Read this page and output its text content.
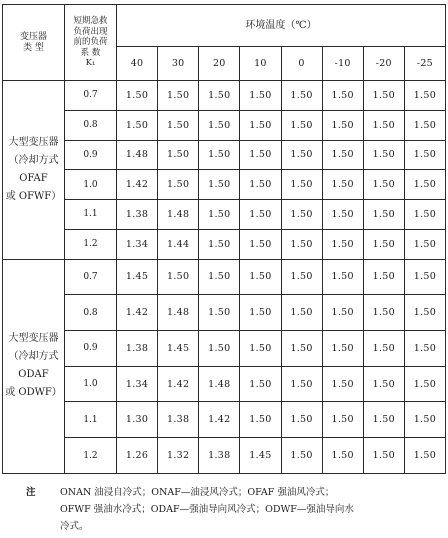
变压器
类 型	短期急救
负荷出现
前的负荷
系 数
K₁	环境温度（℃）							
		40	30	20	10	0	-10	-20	-25
大型变压器
（冷却方式
OFAF
或 OFWF）	0.7	1.50	1.50	1.50	1.50	1.50	1.50	1.50	1.50
	0.8	1.50	1.50	1.50	1.50	1.50	1.50	1.50	1.50
	0.9	1.48	1.50	1.50	1.50	1.50	1.50	1.50	1.50
	1.0	1.42	1.50	1.50	1.50	1.50	1.50	1.50	1.50
	1.1	1.38	1.48	1.50	1.50	1.50	1.50	1.50	1.50
	1.2	1.34	1.44	1.50	1.50	1.50	1.50	1.50	1.50
大型变压器
（冷却方式
ODAF
或 ODWF）	0.7	1.45	1.50	1.50	1.50	1.50	1.50	1.50	1.50
	0.8	1.42	1.48	1.50	1.50	1.50	1.50	1.50	1.50
	0.9	1.38	1.45	1.50	1.50	1.50	1.50	1.50	1.50
	1.0	1.34	1.42	1.48	1.50	1.50	1.50	1.50	1.50
	1.1	1.30	1.38	1.42	1.50	1.50	1.50	1.50	1.50
	1.2	1.26	1.32	1.38	1.45	1.50	1.50	1.50	1.50
注	ONAN 油浸自冷式；ONAF—油浸风冷式；OFAF 强油风冷式；
OFWF 强油水冷式；ODAF—强油导向风冷式；ODWF—强油导向水
冷式。
